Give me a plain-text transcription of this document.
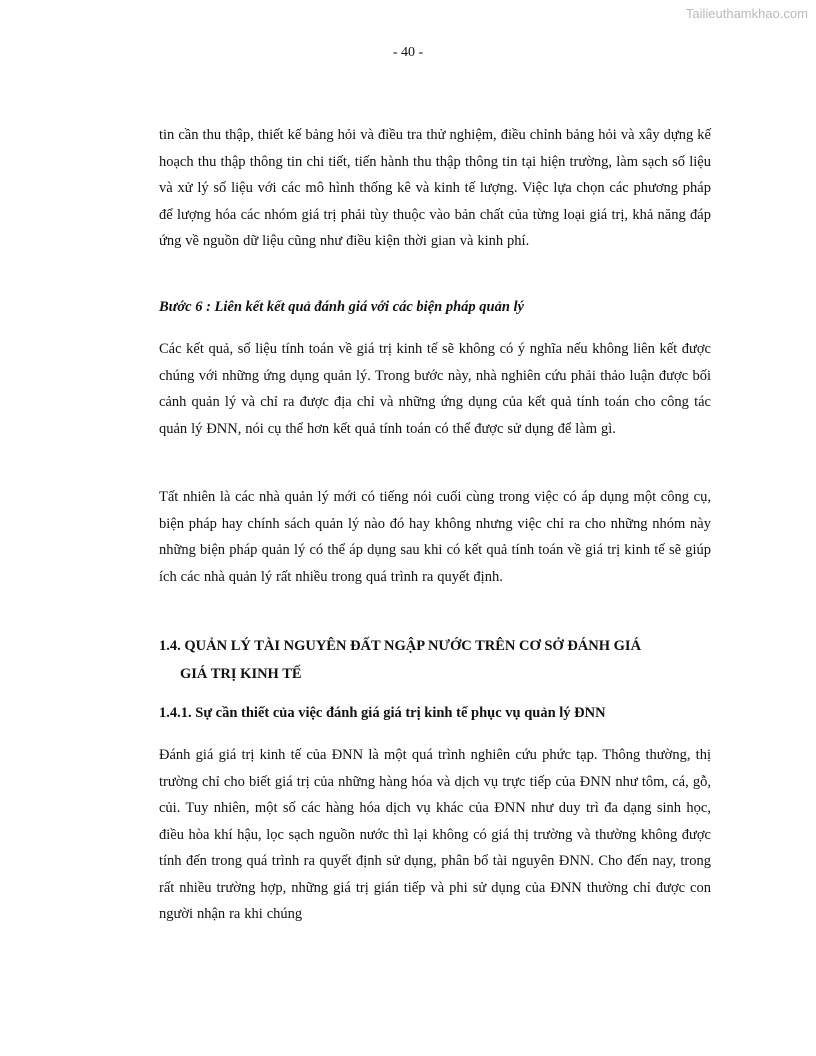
Tailieuthamkhao.com
- 40 -

tin cần thu thập, thiết kế bảng hỏi và điều tra thử nghiệm, điều chỉnh bảng hỏi và xây dựng kế hoạch thu thập thông tin chi tiết, tiến hành thu thập thông tin tại hiện trường, làm sạch số liệu và xử lý số liệu với các mô hình thống kê và kinh tế lượng. Việc lựa chọn các phương pháp để lượng hóa các nhóm giá trị phải tùy thuộc vào bản chất của từng loại giá trị, khả năng đáp ứng về nguồn dữ liệu cũng như điều kiện thời gian và kinh phí.

Bước 6 : Liên kết kết quả đánh giá với các biện pháp quản lý

Các kết quả, số liệu tính toán về giá trị kinh tế sẽ không có ý nghĩa nếu không liên kết được chúng với những ứng dụng quản lý. Trong bước này, nhà nghiên cứu phải thảo luận được bối cảnh quản lý và chỉ ra được địa chỉ và những ứng dụng của kết quả tính toán cho công tác quản lý ĐNN, nói cụ thể hơn kết quả tính toán có thể được sử dụng để làm gì.

Tất nhiên là các nhà quản lý mới có tiếng nói cuối cùng trong việc có áp dụng một công cụ, biện pháp hay chính sách quản lý nào đó hay không nhưng việc chỉ ra cho những nhóm này những biện pháp quản lý có thể áp dụng sau khi có kết quả tính toán về giá trị kinh tế sẽ giúp ích các nhà quản lý rất nhiều trong quá trình ra quyết định.

1.4. QUẢN LÝ TÀI NGUYÊN ĐẤT NGẬP NƯỚC TRÊN CƠ SỞ ĐÁNH GIÁ
GIÁ TRỊ KINH TẾ

1.4.1. Sự cần thiết của việc đánh giá giá trị kinh tế phục vụ quản lý ĐNN

Đánh giá giá trị kinh tế của ĐNN là một quá trình nghiên cứu phức tạp. Thông thường, thị trường chỉ cho biết giá trị của những hàng hóa và dịch vụ trực tiếp của ĐNN như tôm, cá, gỗ, củi. Tuy nhiên, một số các hàng hóa dịch vụ khác của ĐNN như duy trì đa dạng sinh học, điều hòa khí hậu, lọc sạch nguồn nước thì lại không có giá thị trường và thường không được tính đến trong quá trình ra quyết định sử dụng, phân bổ tài nguyên ĐNN. Cho đến nay, trong rất nhiều trường hợp, những giá trị gián tiếp và phi sử dụng của ĐNN thường chỉ được con người nhận ra khi chúng
